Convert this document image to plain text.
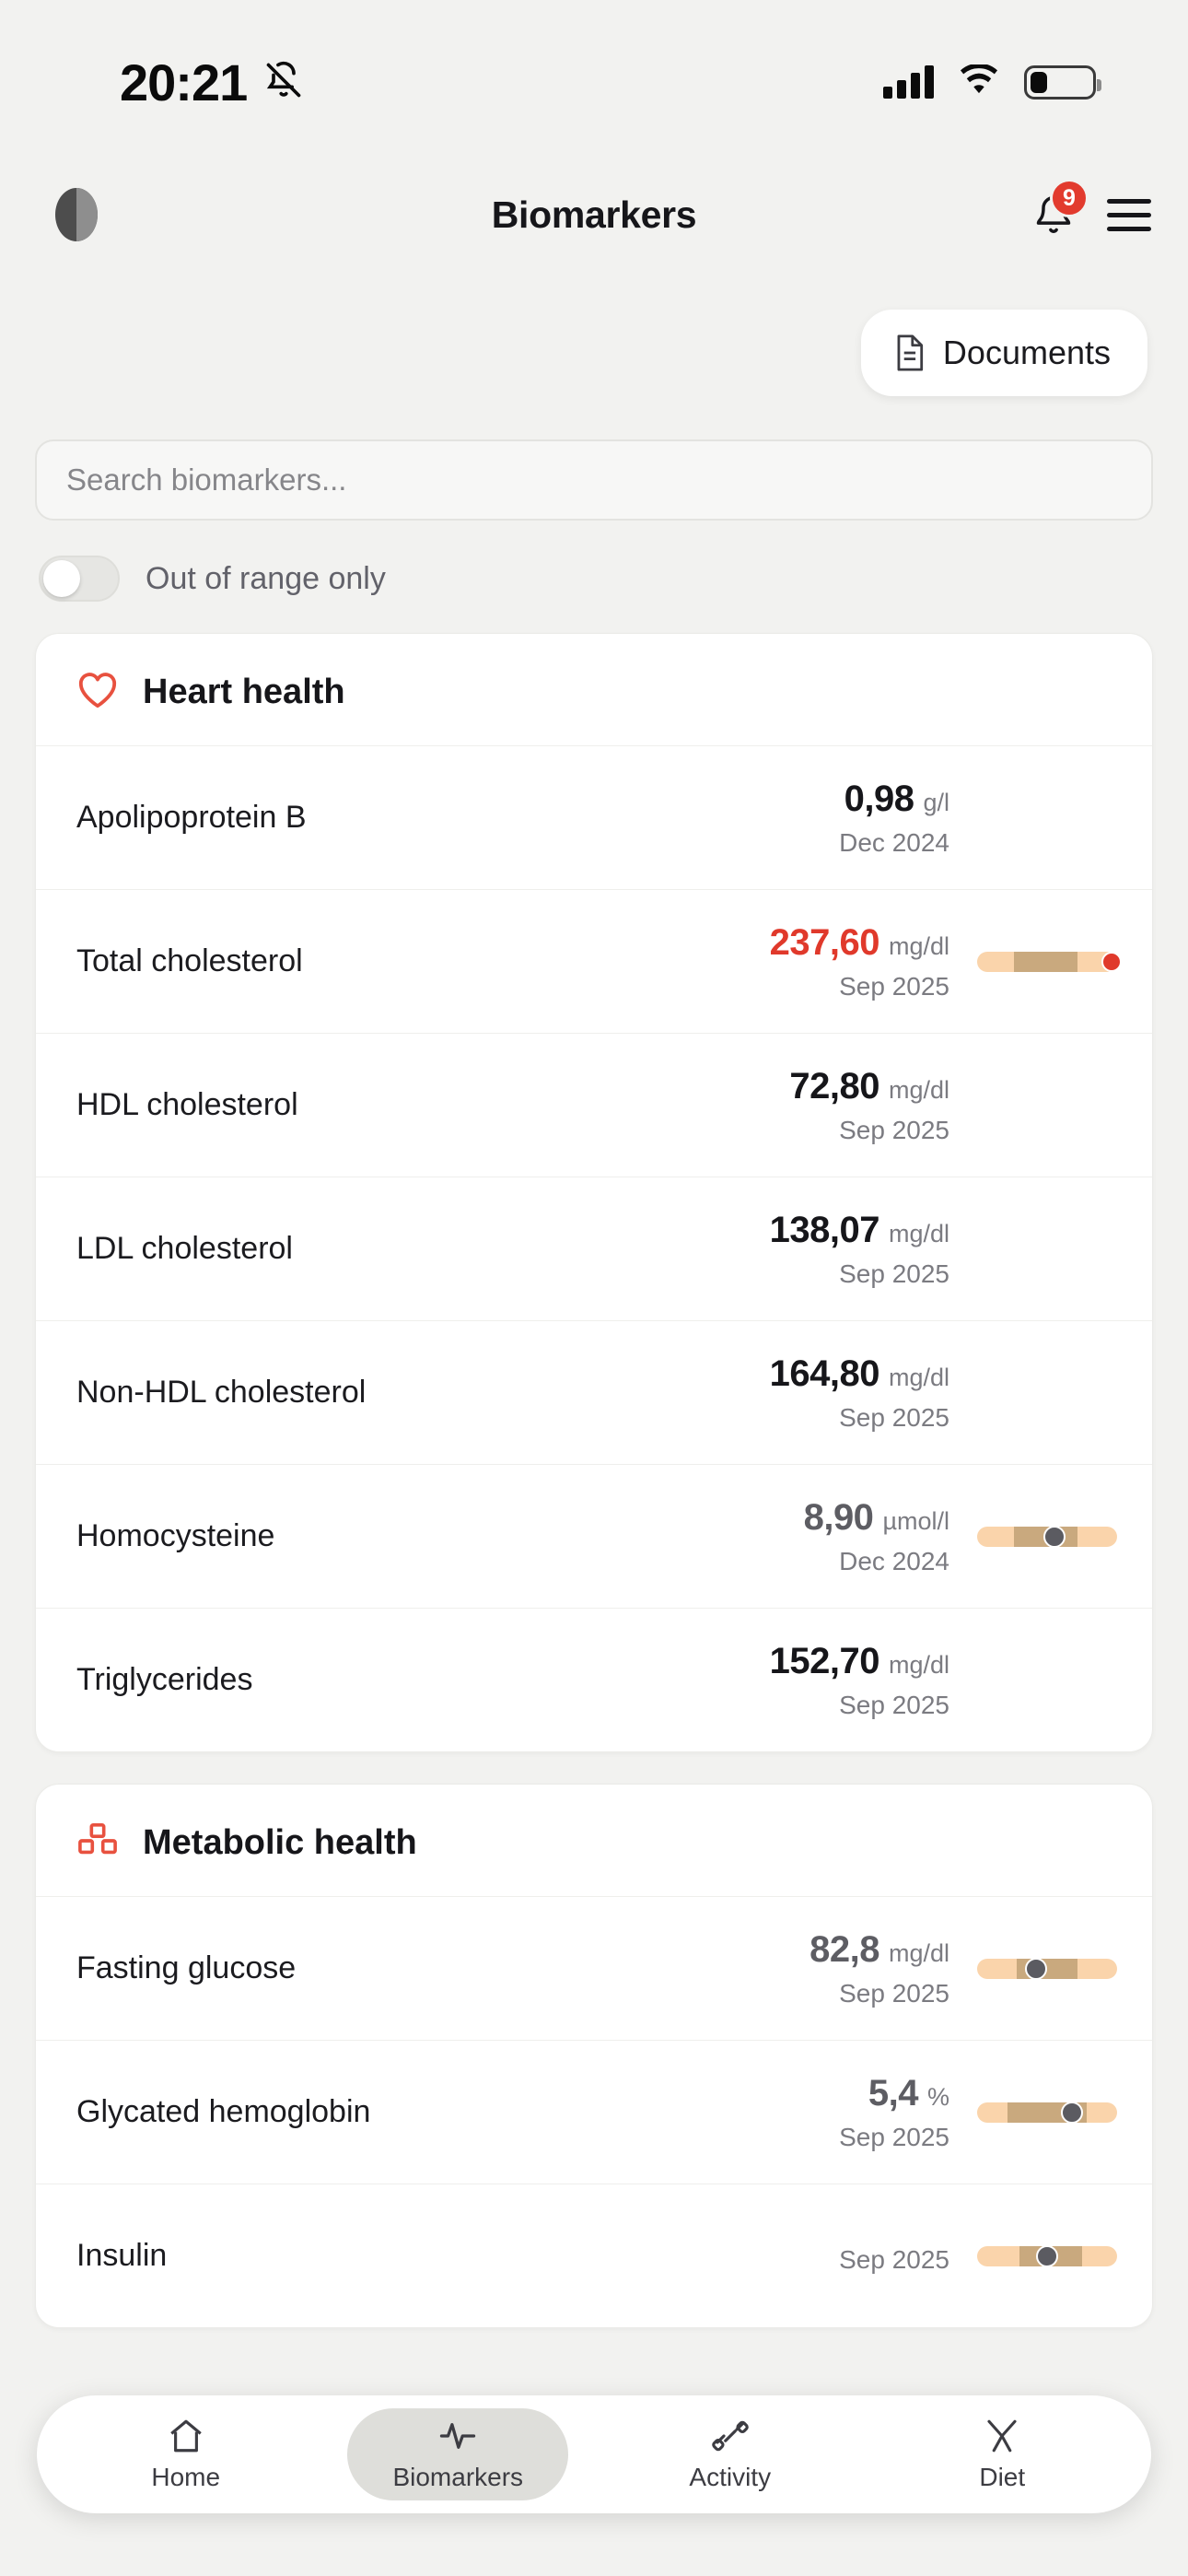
20:21
Biomarkers	9
Documents
Search biomarkers...
Out of range only
Heart health
Apolipoprotein B	0,98 g/l
Dec 2024
Total cholesterol	237,60 mg/dl
Sep 2025
HDL cholesterol	72,80 mg/dl
Sep 2025
LDL cholesterol	138,07 mg/dl
Sep 2025
Non-HDL cholesterol	164,80 mg/dl
Sep 2025
Homocysteine	8,90 µmol/l
Dec 2024
Triglycerides	152,70 mg/dl
Sep 2025
Metabolic health
Fasting glucose	82,8 mg/dl
Sep 2025
Glycated hemoglobin	5,4 %
Sep 2025
Insulin	Sep 2025
Home	Biomarkers	Activity	Diet
